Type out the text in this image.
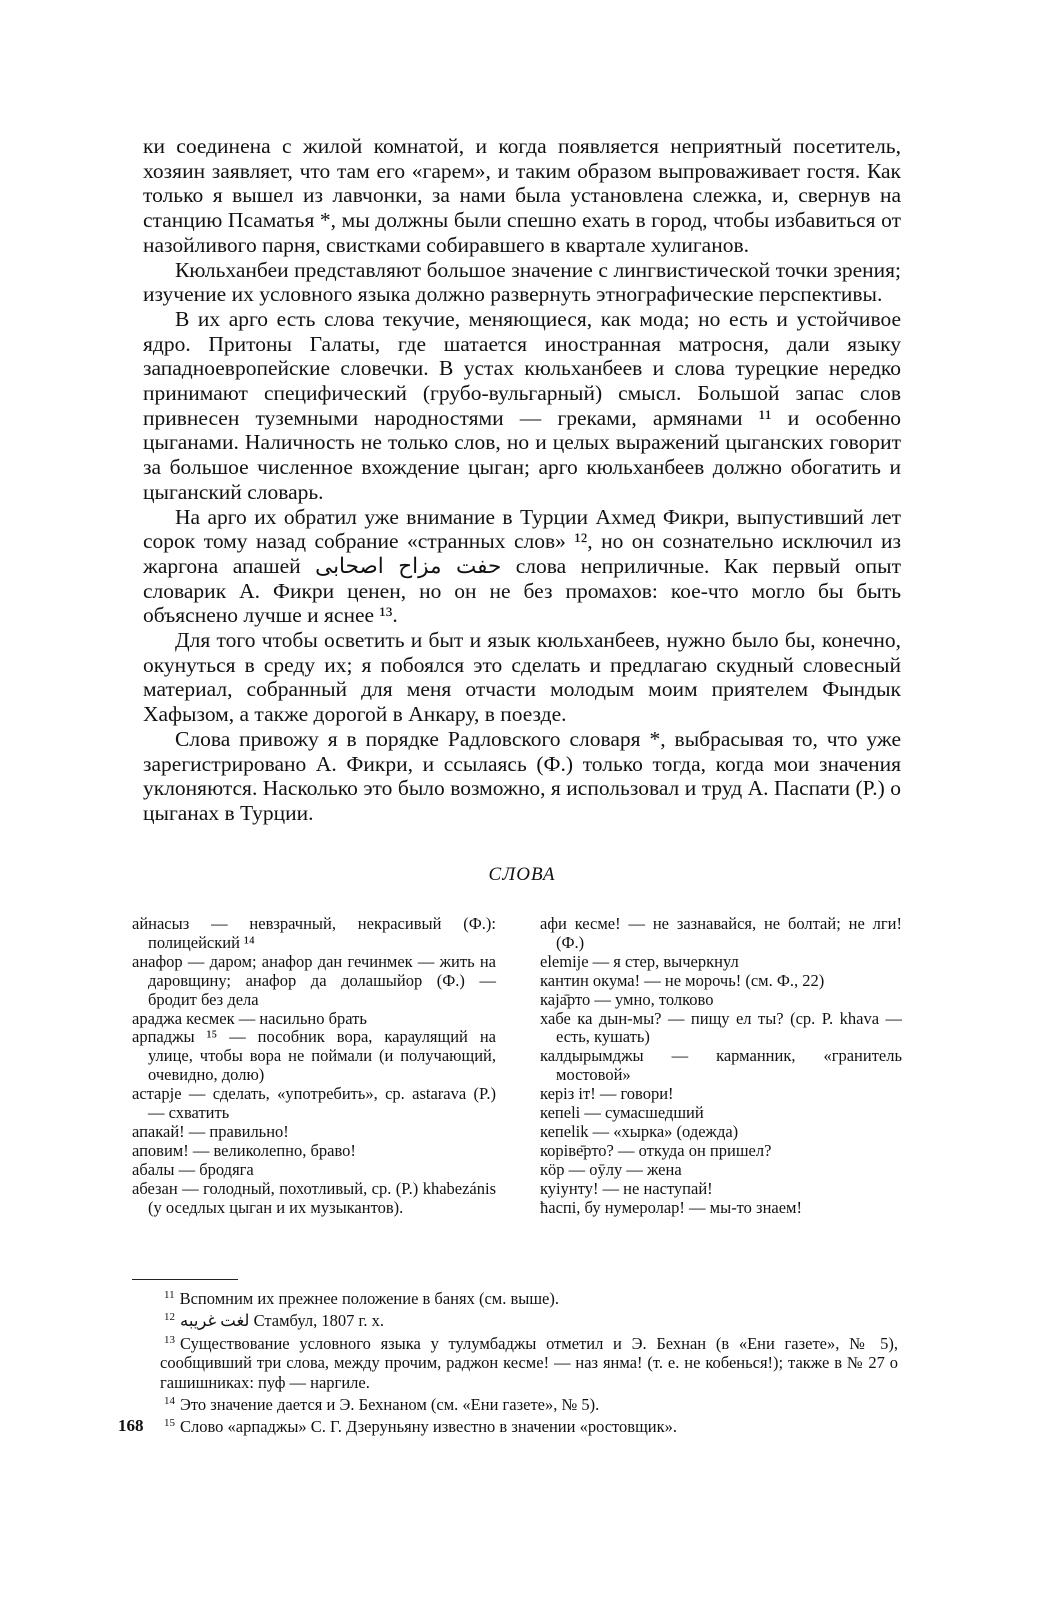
ки соединена с жилой комнатой, и когда появляется неприятный посетитель, хозяин заявляет, что там его «гарем», и таким образом выпроваживает гостя. Как только я вышел из лавчонки, за нами была установлена слежка, и, свернув на станцию Псаматья *, мы должны были спешно ехать в город, чтобы избавиться от назойливого парня, свистками собиравшего в квартале хулиганов.

Кюльханбеи представляют большое значение с лингвистической точки зрения; изучение их условного языка должно развернуть этнографические перспективы.

В их арго есть слова текучие, меняющиеся, как мода; но есть и устойчивое ядро. Притоны Галаты, где шатается иностранная матросня, дали языку западноевропейские словечки. В устах кюльханбеев и слова турецкие нередко принимают специфический (грубо-вульгарный) смысл. Большой запас слов привнесен туземными народностями — греками, армянами ¹¹ и особенно цыганами. Наличность не только слов, но и целых выражений цыганских говорит за большое численное вхождение цыган; арго кюльханбеев должно обогатить и цыганский словарь.

На арго их обратил уже внимание в Турции Ахмед Фикри, выпустивший лет сорок тому назад собрание «странных слов» ¹², но он сознательно исключил из жаргона апашей حفت مزاح اصحابی слова неприличные. Как первый опыт словарик А. Фикри ценен, но он не без промахов: кое-что могло бы быть объяснено лучше и яснее ¹³.

Для того чтобы осветить и быт и язык кюльханбеев, нужно было бы, конечно, окунуться в среду их; я побоялся это сделать и предлагаю скудный словесный материал, собранный для меня отчасти молодым моим приятелем Фындык Хафызом, а также дорогой в Анкару, в поезде.

Слова привожу я в порядке Радловского словаря *, выбрасывая то, что уже зарегистрировано А. Фикри, и ссылаясь (Ф.) только тогда, когда мои значения уклоняются. Насколько это было возможно, я использовал и труд А. Паспати (P.) о цыганах в Турции.

СЛОВА

айнасыз — невзрачный, некрасивый (Ф.): полицейский ¹⁴

анафор — даром; анафор дан гечинмек — жить на даровщину; анафор да долашыйор (Ф.) — бродит без дела

араджа кесмек — насильно брать

арпаджы ¹⁵ — пособник вора, караулящий на улице, чтобы вора не поймали (и получающий, очевидно, долю)

астарје — сделать, «употребить», ср. astarava (P.) — схватить

апакай! — правильно!

аповим! — великолепно, браво!

абалы — бродяга

абезан — голодный, похотливый, ср. (P.) khabezánis (у оседлых цыган и их музыкантов).

афи кесме! — не зазнавайся, не болтай; не лги! (Ф.)

elemije — я стер, вычеркнул

кантин окума! — не морочь! (см. Ф., 22)

каја̄рто — умно, толково

хабе ка дын-мы? — пищу ел ты? (ср. P. khava — есть, кушать)

калдырымджы — карманник, «гранитель мостовой»

керіз іт! — говори!

кепеli — сумасшедший

кепеlik — «хырка» (одежда)

коріве̄рто? — откуда он пришел?

кӧр — оӯлу — жена

куіунту! — не наступай!

ћаспі, бу нумеролар! — мы-то знаем!

$^{11}$ Вспомним их прежнее положение в банях (см. выше).

$^{12}$ لغت غريبه Стамбул, 1807 г. х.

$^{13}$ Существование условного языка у тулумбаджы отметил и Э. Бехнан (в «Ени газете», № 5), сообщивший три слова, между прочим, раджон кесме! — наз янма! (т. е. не кобенься!); также в № 27 о гашишниках: пуф — наргиле.

$^{14}$ Это значение дается и Э. Бехнаном (см. «Ени газете», № 5).

$^{15}$ Слово «арпаджы» С. Г. Дзеруньяну известно в значении «ростовщик».

168
